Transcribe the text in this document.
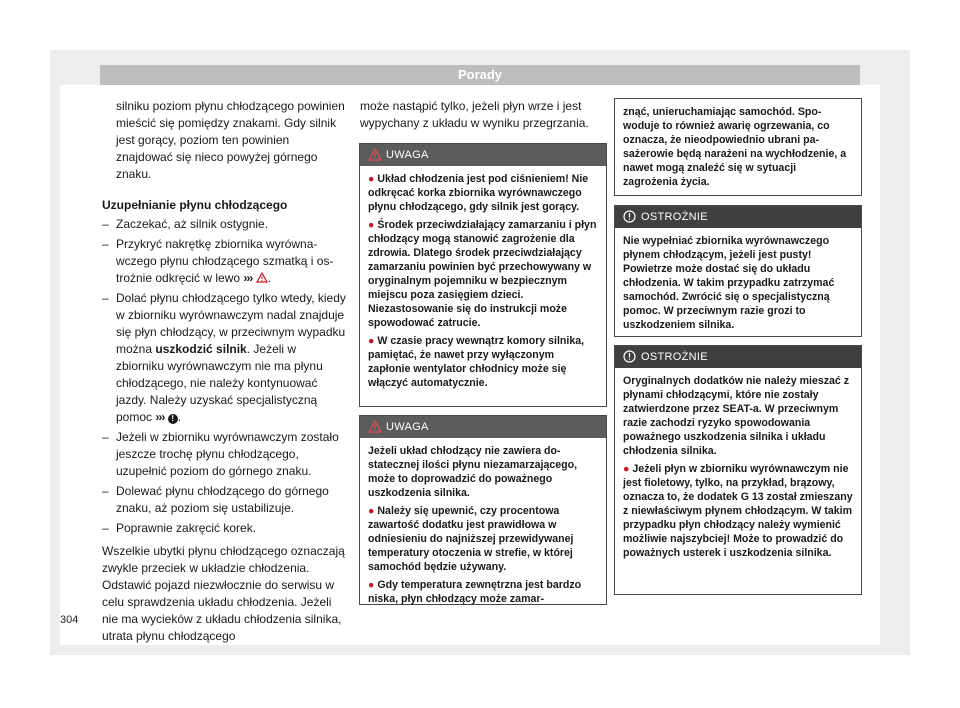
Porady

silniku poziom płynu chłodzącego powinien mieścić się pomiędzy znakami. Gdy silnik jest gorący, poziom ten powinien znajdować się nieco powyżej górnego znaku.

Uzupełnianie płynu chłodzącego

– Zaczekać, aż silnik ostygnie.
– Przykryć nakrętkę zbiornika wyrównawczego płynu chłodzącego szmatką i ostrożnie odkręcić w lewo ››› .
– Dolać płynu chłodzącego tylko wtedy, kiedy w zbiorniku wyrównawczym nadal znajduje się płyn chłodzący, w przeciwnym wypadku można uszkodzić silnik. Jeżeli w zbiorniku wyrównawczym nie ma płynu chłodzącego, nie należy kontynuować jazdy. Należy uzyskać specjalistyczną pomoc ››› ! .
– Jeżeli w zbiorniku wyrównawczym zostało jeszcze trochę płynu chłodzącego, uzupełnić poziom do górnego znaku.
– Dolewać płynu chłodzącego do górnego znaku, aż poziom się ustabilizuje.
– Poprawnie zakręcić korek.

Wszelkie ubytki płynu chłodzącego oznaczają zwykle przeciek w układzie chłodzenia. Odstawić pojazd niezwłocznie do serwisu w celu sprawdzenia układu chłodzenia. Jeżeli nie ma wycieków z układu chłodzenia silnika, utrata płynu chłodzącego

może nastąpić tylko, jeżeli płyn wrze i jest wypychany z układu w wyniku przegrzania.

UWAGA

● Układ chłodzenia jest pod ciśnieniem! Nie odkręcać korka zbiornika wyrównawczego płynu chłodzącego, gdy silnik jest gorący.

● Środek przeciwdziałający zamarzaniu i płyn chłodzący mogą stanowić zagrożenie dla zdrowia. Dlatego środek przeciwdziałający zamarzaniu powinien być przechowywany w oryginalnym pojemniku w bezpiecznym miejscu poza zasięgiem dzieci. Niezastosowanie się do instrukcji może spowodować zatrucie.

● W czasie pracy wewnątrz komory silnika, pamiętać, że nawet przy wyłączonym zapłonie wentylator chłodnicy może się włączyć automatycznie.

UWAGA

Jeżeli układ chłodzący nie zawiera dostatecznej ilości płynu niezamarzającego, może to doprowadzić do poważnego uszkodzenia silnika.

● Należy się upewnić, czy procentowa zawartość dodatku jest prawidłowa w odniesieniu do najniższej przewidywanej temperatury otoczenia w strefie, w której samochód będzie używany.

● Gdy temperatura zewnętrzna jest bardzo niska, płyn chłodzący może zamar-

znąć, unieruchamiając samochód. Spowoduje to również awarię ogrzewania, co oznacza, że nieodpowiednio ubrani pasażerowie będą narażeni na wychłodzenie, a nawet mogą znaleźć się w sytuacji zagrożenia życia.

OSTROŻNIE

Nie wypełniać zbiornika wyrównawczego płynem chłodzącym, jeżeli jest pusty! Powietrze może dostać się do układu chłodzenia. W takim przypadku zatrzymać samochód. Zwrócić się o specjalistyczną pomoc. W przeciwnym razie grozi to uszkodzeniem silnika.

OSTROŻNIE

Oryginalnych dodatków nie należy mieszać z płynami chłodzącymi, które nie zostały zatwierdzone przez SEAT-a. W przeciwnym razie zachodzi ryzyko spowodowania poważnego uszkodzenia silnika i układu chłodzenia silnika.

● Jeżeli płyn w zbiorniku wyrównawczym nie jest fioletowy, tylko, na przykład, brązowy, oznacza to, że dodatek G 13 został zmieszany z niewłaściwym płynem chłodzącym. W takim przypadku płyn chłodzący należy wymienić możliwie najszybciej! Może to prowadzić do poważnych usterek i uszkodzenia silnika.

304
